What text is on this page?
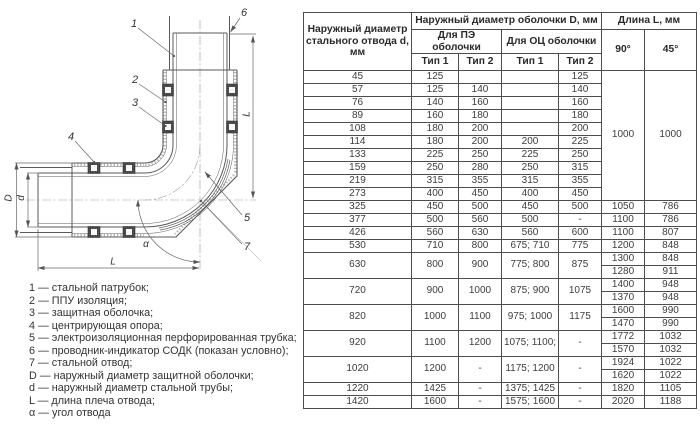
L
L
D d
α
1
2
3
4
5
6
7
1 — стальной патрубок;
2 — ППУ изоляция;
3 — защитная оболочка;
4 — центрирующая опора;
5 — электроизоляционная перфорированная трубка;
6 — проводник-индикатор СОДК (показан условно);
7 — стальной отвод;
D — наружный диаметр защитной оболочки;
d — наружный диаметр стальной трубы;
L — длина плеча отвода;
α — угол отвода
Наружный диаметр стального отвода d, мм	Наружный диаметр оболочки D, мм				Длина L, мм	
	Для ПЭ оболочки		Для ОЦ оболочки		90°	45°
	Тип 1	Тип 2	Тип 1	Тип 2		
45	125			125	1000	1000
57	125	140		140		
76	140	160		160		
89	160	180		180		
108	180	200		200		
114	180	200	200	225		
133	225	250	225	250		
159	250	280	250	315		
219	315	355	315	355		
273	400	450	400	450		
325	450	500	450	500	1050	786
377	500	560	500	-	1100	786
426	560	630	560	600	1100	807
530	710	800	675; 710	775	1200	848
630	800	900	775; 800	875	1300	848
					1280	911
720	900	1000	875; 900	1075	1400	948
					1370	948
820	1000	1100	975; 1000	1175	1600	990
					1470	990
920	1100	1200	1075; 1100;	-	1772	1032
					1570	1032
1020	1200	-	1175; 1200	-	1924	1022
					1620	1022
1220	1425	-	1375; 1425	-	1820	1105
1420	1600	-	1575; 1600	-	2020	1188
